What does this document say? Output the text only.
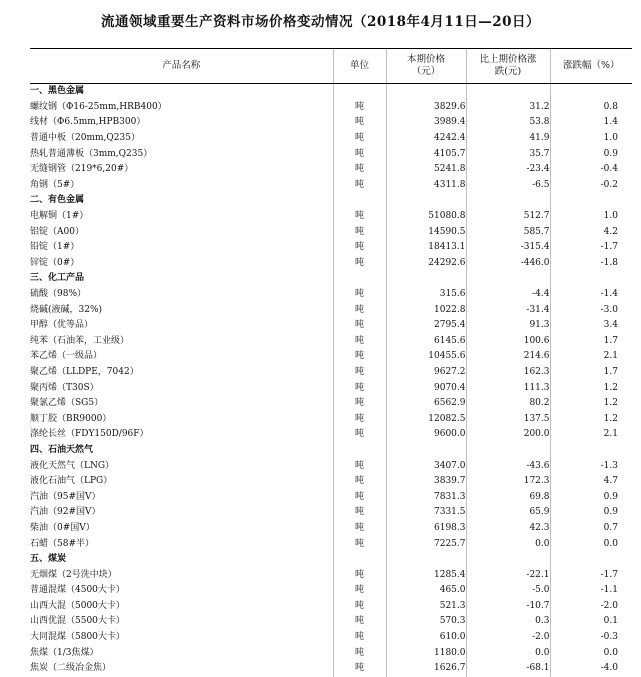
流通领域重要生产资料市场价格变动情况（2018年4月11日—20日）
产品名称	单位	本期价格（元）	比上期价格涨跌(元)	涨跌幅（%）
一、黑色金属				
螺纹钢（Φ16-25mm,HRB400）	吨	3829.6	31.2	0.8
线材（Φ6.5mm,HPB300）	吨	3989.4	53.8	1.4
普通中板（20mm,Q235）	吨	4242.4	41.9	1.0
热轧普通薄板（3mm,Q235）	吨	4105.7	35.7	0.9
无缝钢管（219*6,20#）	吨	5241.8	-23.4	-0.4
角钢（5#）	吨	4311.8	-6.5	-0.2
二、有色金属				
电解铜（1#）	吨	51080.8	512.7	1.0
铝锭（A00）	吨	14590.5	585.7	4.2
铅锭（1#）	吨	18413.1	-315.4	-1.7
锌锭（0#）	吨	24292.6	-446.0	-1.8
三、化工产品				
硫酸（98%）	吨	315.6	-4.4	-1.4
烧碱(液碱，32%)	吨	1022.8	-31.4	-3.0
甲醇（优等品）	吨	2795.4	91.3	3.4
纯苯（石油苯，工业级）	吨	6145.6	100.6	1.7
苯乙烯（一级品）	吨	10455.6	214.6	2.1
聚乙烯（LLDPE，7042）	吨	9627.2	162.3	1.7
聚丙烯（T30S）	吨	9070.4	111.3	1.2
聚氯乙烯（SG5）	吨	6562.9	80.2	1.2
顺丁胶（BR9000）	吨	12082.5	137.5	1.2
涤纶长丝（FDY150D/96F）	吨	9600.0	200.0	2.1
四、石油天然气				
液化天然气（LNG）	吨	3407.0	-43.6	-1.3
液化石油气（LPG）	吨	3839.7	172.3	4.7
汽油（95#国Ⅴ）	吨	7831.3	69.8	0.9
汽油（92#国Ⅴ）	吨	7331.5	65.9	0.9
柴油（0#国Ⅴ）	吨	6198.3	42.3	0.7
石蜡（58#半）	吨	7225.7	0.0	0.0
五、煤炭				
无烟煤（2号洗中块）	吨	1285.4	-22.1	-1.7
普通混煤（4500大卡）	吨	465.0	-5.0	-1.1
山西大混（5000大卡）	吨	521.3	-10.7	-2.0
山西优混（5500大卡）	吨	570.3	0.3	0.1
大同混煤（5800大卡）	吨	610.0	-2.0	-0.3
焦煤（1/3焦煤）	吨	1180.0	0.0	0.0
焦炭（二级冶金焦）	吨	1626.7	-68.1	-4.0
